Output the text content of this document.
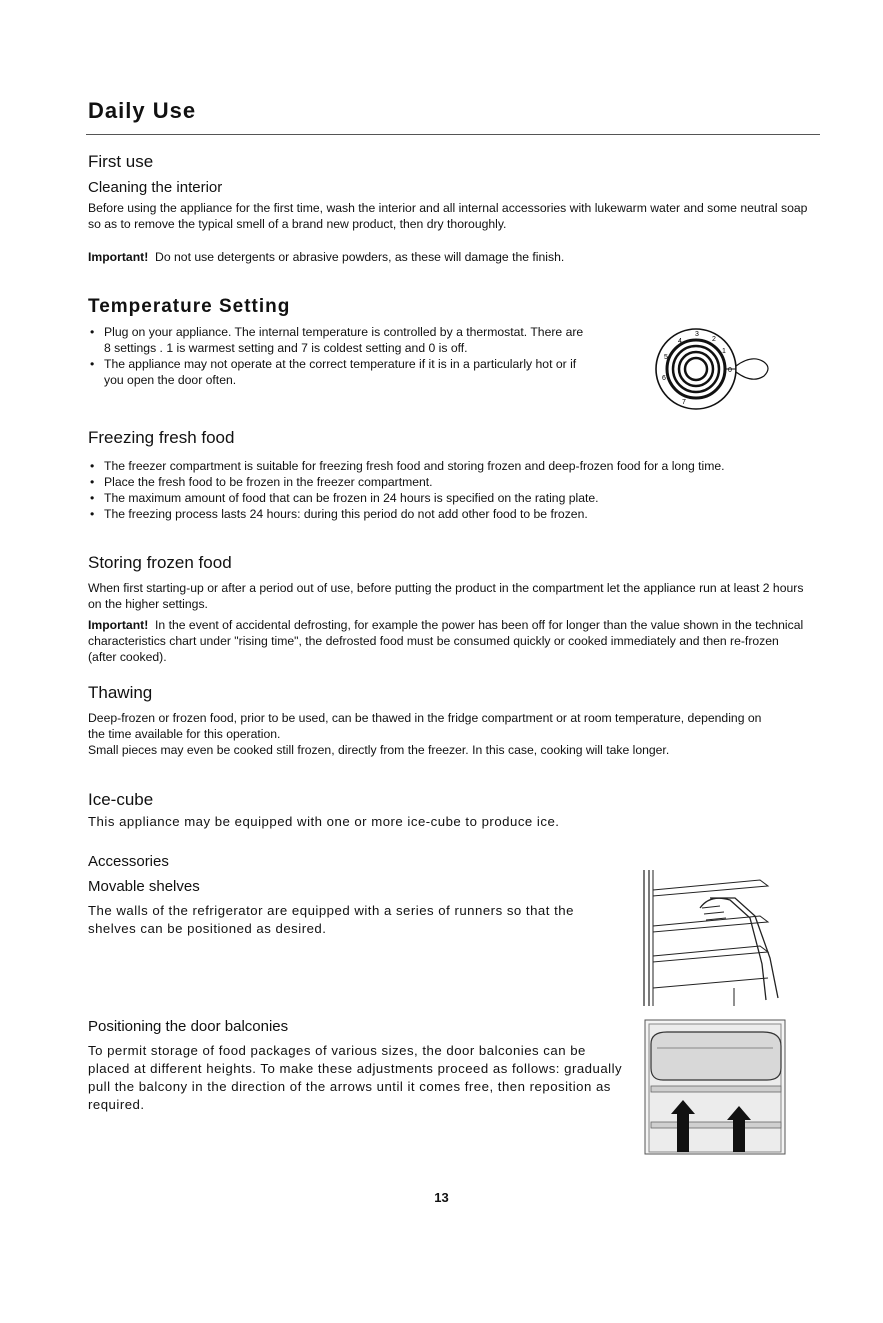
Daily Use
First use
Cleaning the interior
Before using the appliance for the first time, wash the interior and all internal accessories with lukewarm water and some neutral soap so as to remove the typical smell of a brand new product, then dry thoroughly.
Important! Do not use detergents or abrasive powders, as these will damage the finish.
Temperature Setting
• Plug on your appliance. The internal temperature is controlled by a thermostat. There are 8 settings . 1 is warmest setting and 7 is coldest setting and 0 is off.
• The appliance may not operate at the correct temperature if it is in a particularly hot or if you open the door often.
0
3
2
1
4
5
6
7
Freezing fresh food
• The freezer compartment is suitable for freezing fresh food and storing frozen and deep-frozen food for a long time.
• Place the fresh food to be frozen in the freezer compartment.
• The maximum amount of food that can be frozen in 24 hours is specified on the rating plate.
• The freezing process lasts 24 hours: during this period do not add other food to be frozen.
Storing frozen food
When first starting-up or after a period out of use, before putting the product in the compartment let the appliance run at least 2 hours on the higher settings.
Important! In the event of accidental defrosting, for example the power has been off for longer than the value shown in the technical characteristics chart under "rising time", the defrosted food must be consumed quickly or cooked immediately and then re-frozen (after cooked).
Thawing
Deep-frozen or frozen food, prior to be used, can be thawed in the fridge compartment or at room temperature, depending on the time available for this operation.
Small pieces may even be cooked still frozen, directly from the freezer. In this case, cooking will take longer.
Ice-cube
This appliance may be equipped with one or more ice-cube to produce ice.
Accessories
Movable shelves
The walls of the refrigerator are equipped with a series of runners so that the shelves can be positioned as desired.
Positioning the door balconies
To permit storage of food packages of various sizes, the door balconies can be placed at different heights. To make these adjustments proceed as follows: gradually pull the balcony in the direction of the arrows until it comes free, then reposition as required.
13
